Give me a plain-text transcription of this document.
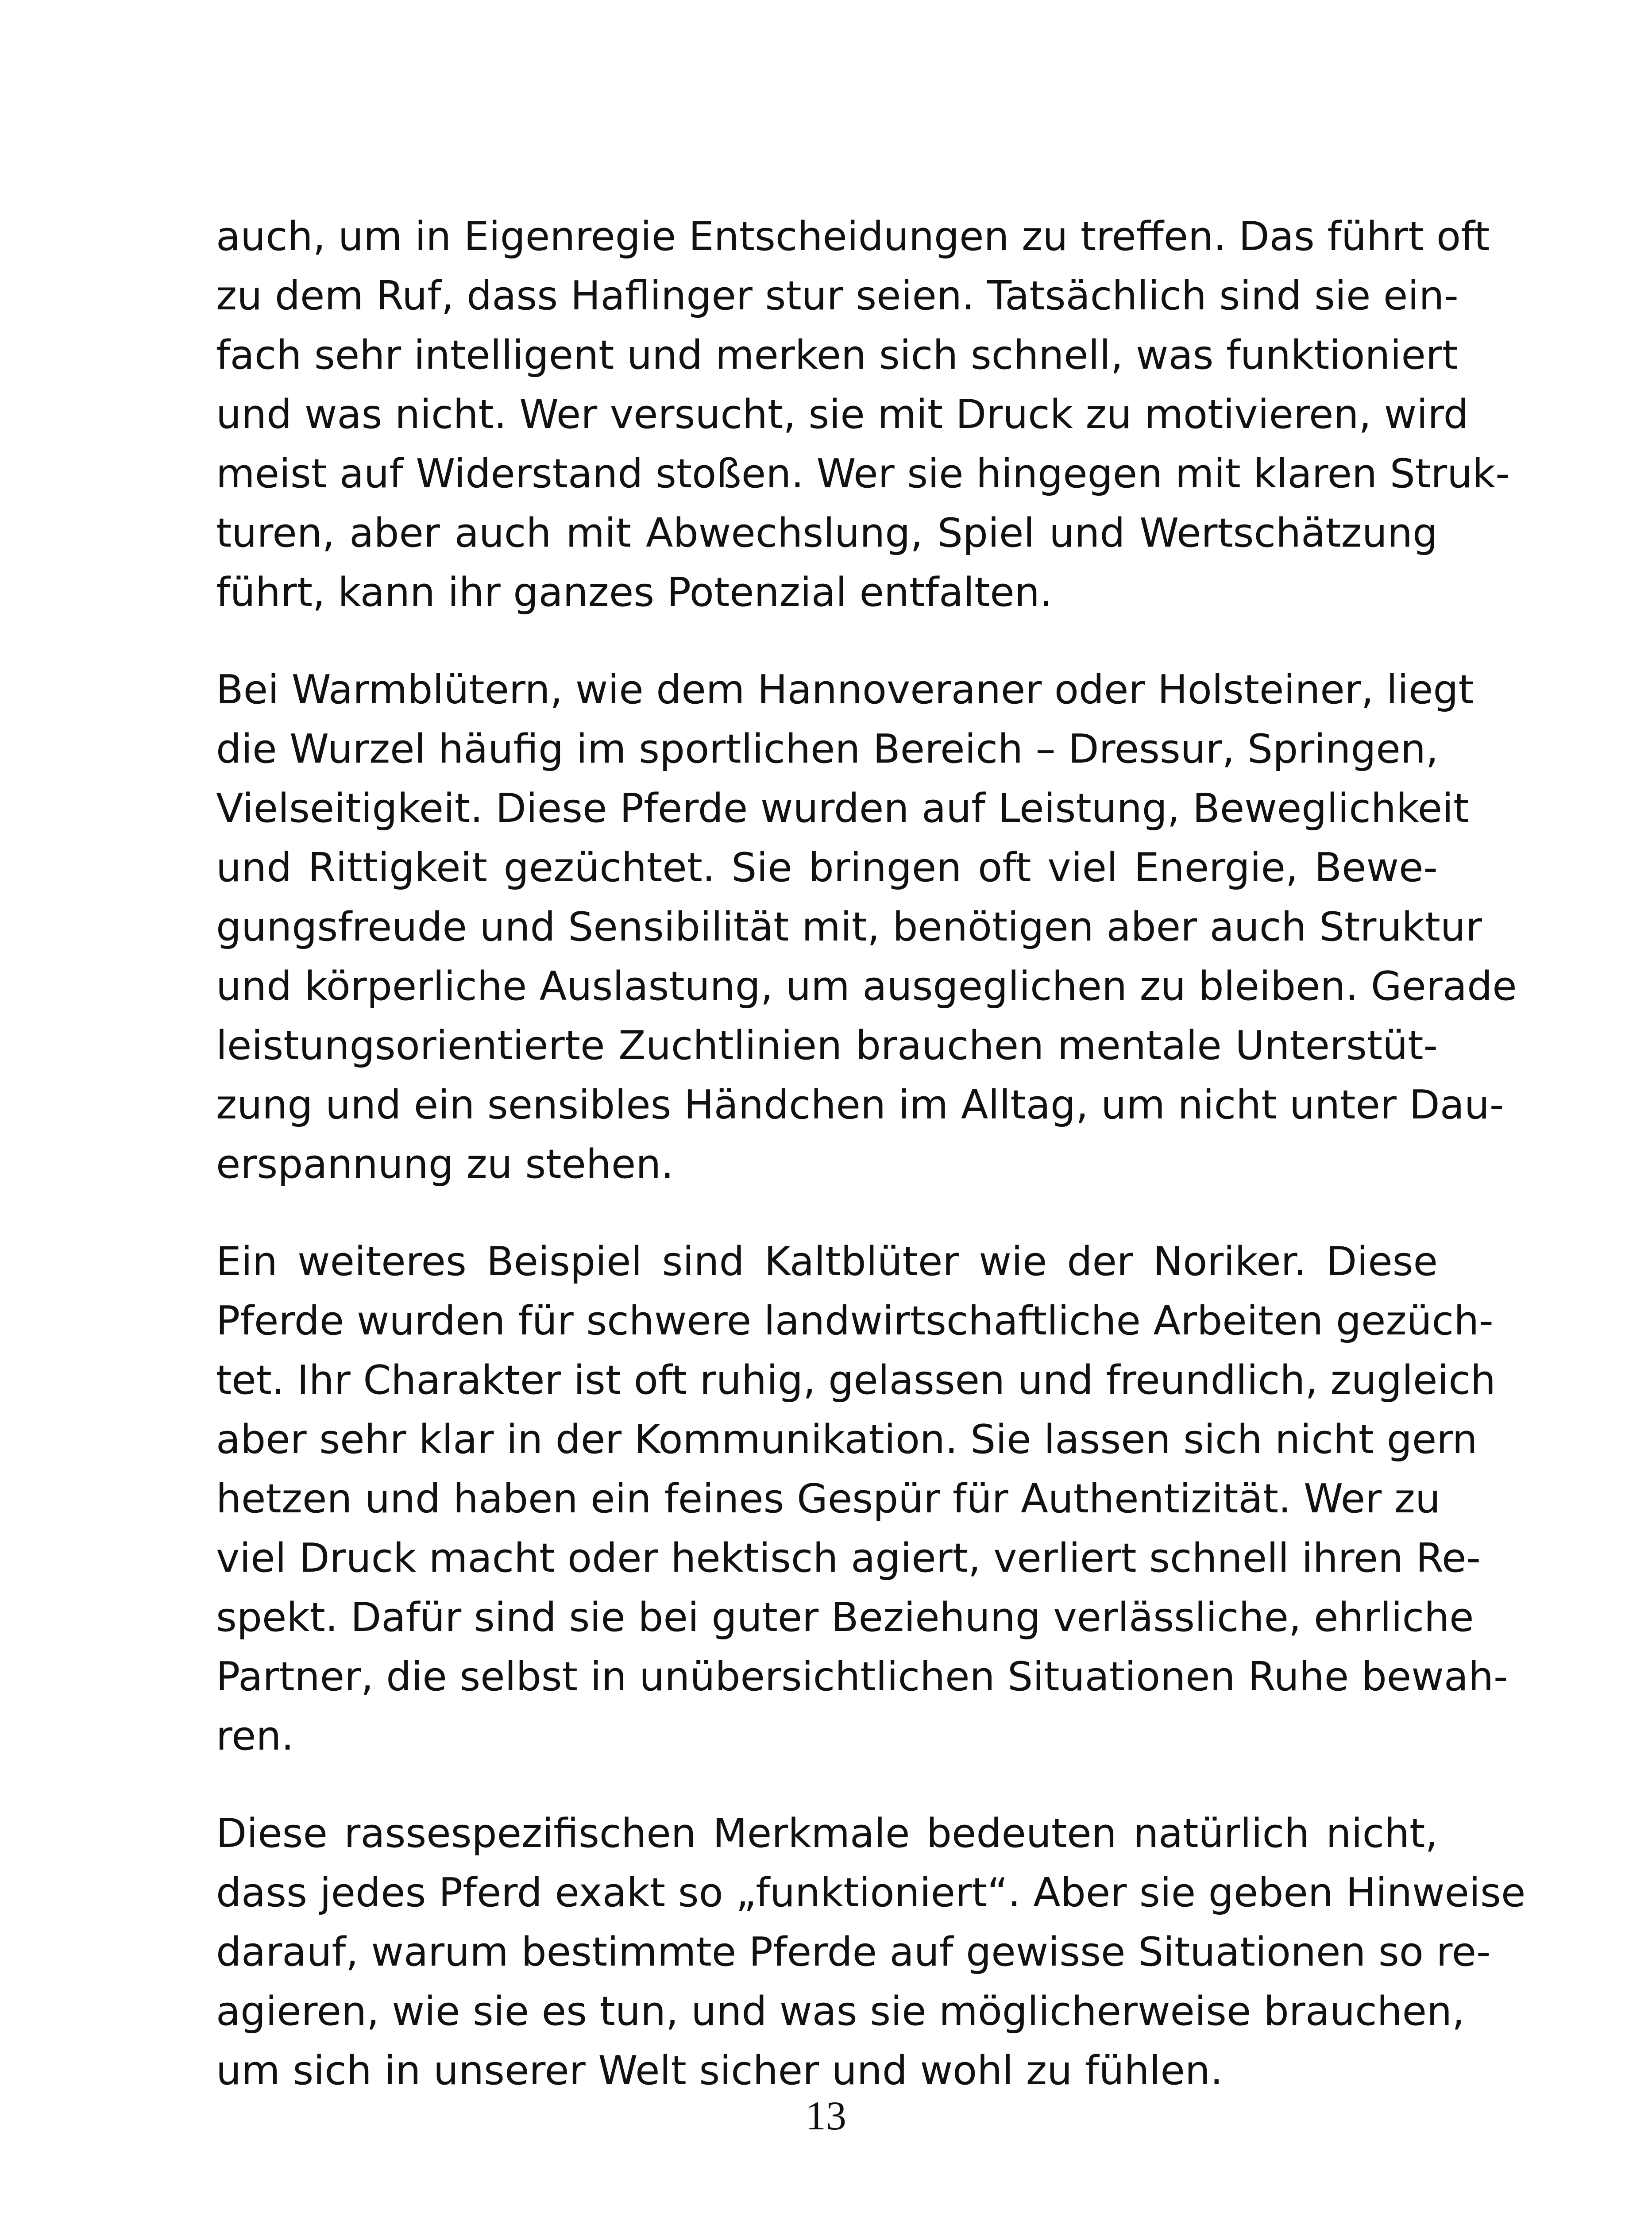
auch, um in Eigenregie Entscheidungen zu treffen. Das führt oft
zu dem Ruf, dass Haflinger stur seien. Tatsächlich sind sie ein-
fach sehr intelligent und merken sich schnell, was funktioniert
und was nicht. Wer versucht, sie mit Druck zu motivieren, wird
meist auf Widerstand stoßen. Wer sie hingegen mit klaren Struk-
turen, aber auch mit Abwechslung, Spiel und Wertschätzung
führt, kann ihr ganzes Potenzial entfalten.

Bei Warmblütern, wie dem Hannoveraner oder Holsteiner, liegt
die Wurzel häufig im sportlichen Bereich – Dressur, Springen,
Vielseitigkeit. Diese Pferde wurden auf Leistung, Beweglichkeit
und Rittigkeit gezüchtet. Sie bringen oft viel Energie, Bewe-
gungsfreude und Sensibilität mit, benötigen aber auch Struktur
und körperliche Auslastung, um ausgeglichen zu bleiben. Gerade
leistungsorientierte Zuchtlinien brauchen mentale Unterstüt-
zung und ein sensibles Händchen im Alltag, um nicht unter Dau-
erspannung zu stehen.

Ein weiteres Beispiel sind Kaltblüter wie der Noriker. Diese
Pferde wurden für schwere landwirtschaftliche Arbeiten gezüch-
tet. Ihr Charakter ist oft ruhig, gelassen und freundlich, zugleich
aber sehr klar in der Kommunikation. Sie lassen sich nicht gern
hetzen und haben ein feines Gespür für Authentizität. Wer zu
viel Druck macht oder hektisch agiert, verliert schnell ihren Re-
spekt. Dafür sind sie bei guter Beziehung verlässliche, ehrliche
Partner, die selbst in unübersichtlichen Situationen Ruhe bewah-
ren.

Diese rassespezifischen Merkmale bedeuten natürlich nicht,
dass jedes Pferd exakt so „funktioniert“. Aber sie geben Hinweise
darauf, warum bestimmte Pferde auf gewisse Situationen so re-
agieren, wie sie es tun, und was sie möglicherweise brauchen,
um sich in unserer Welt sicher und wohl zu fühlen.

13
